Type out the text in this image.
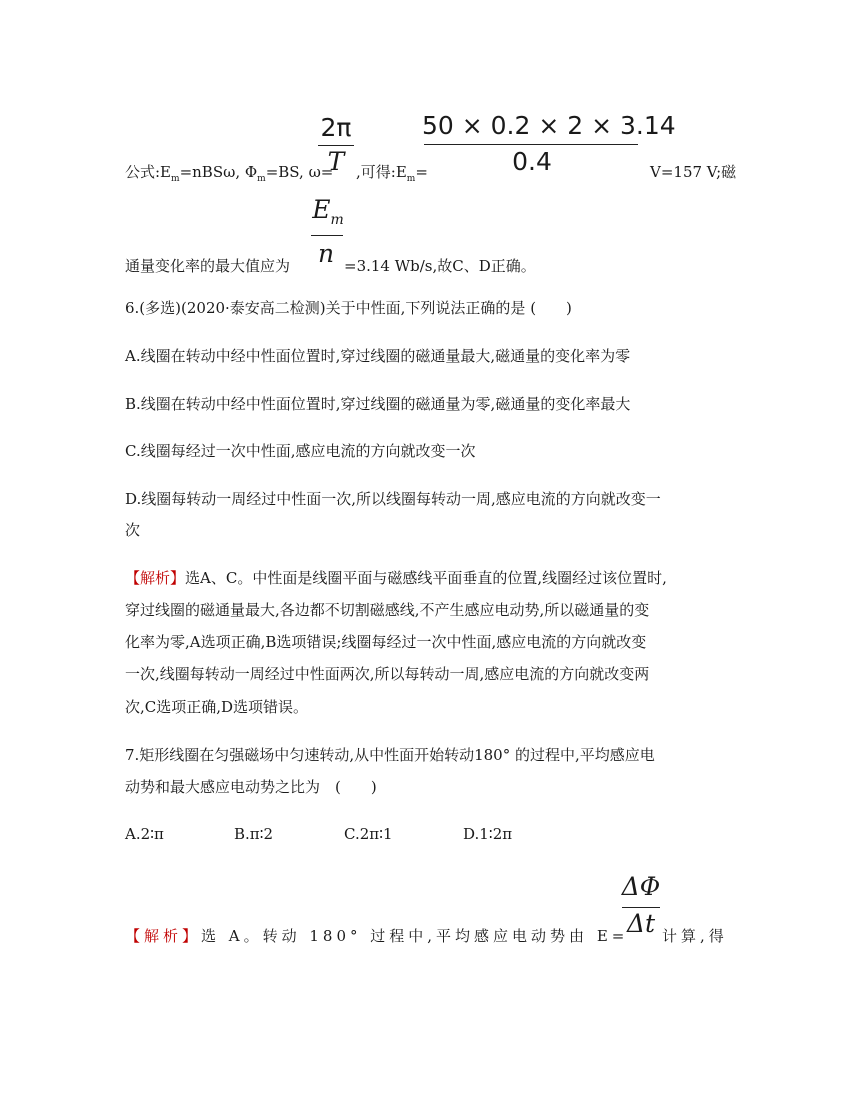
公式$:E_m=nBS\omega$, $\Phi_m=BS$, ω=
2π
T ,可得$:E_m=$
50 × 0.2 × 2 × 3.14
0.4	V=157 V;磁
$E_m$
n
通量变化率的最大值应为	=3.14 Wb/s,故C、D正确。
6.(多选)(2020·泰安高二检测)关于中性面,下列说法正确的是 (　　)
A.线圈在转动中经中性面位置时,穿过线圈的磁通量最大,磁通量的变化率为零
B.线圈在转动中经中性面位置时,穿过线圈的磁通量为零,磁通量的变化率最大
C.线圈每经过一次中性面,感应电流的方向就改变一次
D.线圈每转动一周经过中性面一次,所以线圈每转动一周,感应电流的方向就改变一
次
【解析】选A、C。中性面是线圈平面与磁感线平面垂直的位置,线圈经过该位置时,
穿过线圈的磁通量最大,各边都不切割磁感线,不产生感应电动势,所以磁通量的变
化率为零,A选项正确,B选项错误;线圈每经过一次中性面,感应电流的方向就改变
一次,线圈每转动一周经过中性面两次,所以每转动一周,感应电流的方向就改变两
次,C选项正确,D选项错误。
7.矩形线圈在匀强磁场中匀速转动,从中性面开始转动180° 的过程中,平均感应电
动势和最大感应电动势之比为　(　　)
A.2∶π	B.π∶2	C.2π∶1	D.1∶2π
ΔΦ
Δt
【解析】选 A。转动 180° 过程中,平均感应电动势由 E= 计算,得
